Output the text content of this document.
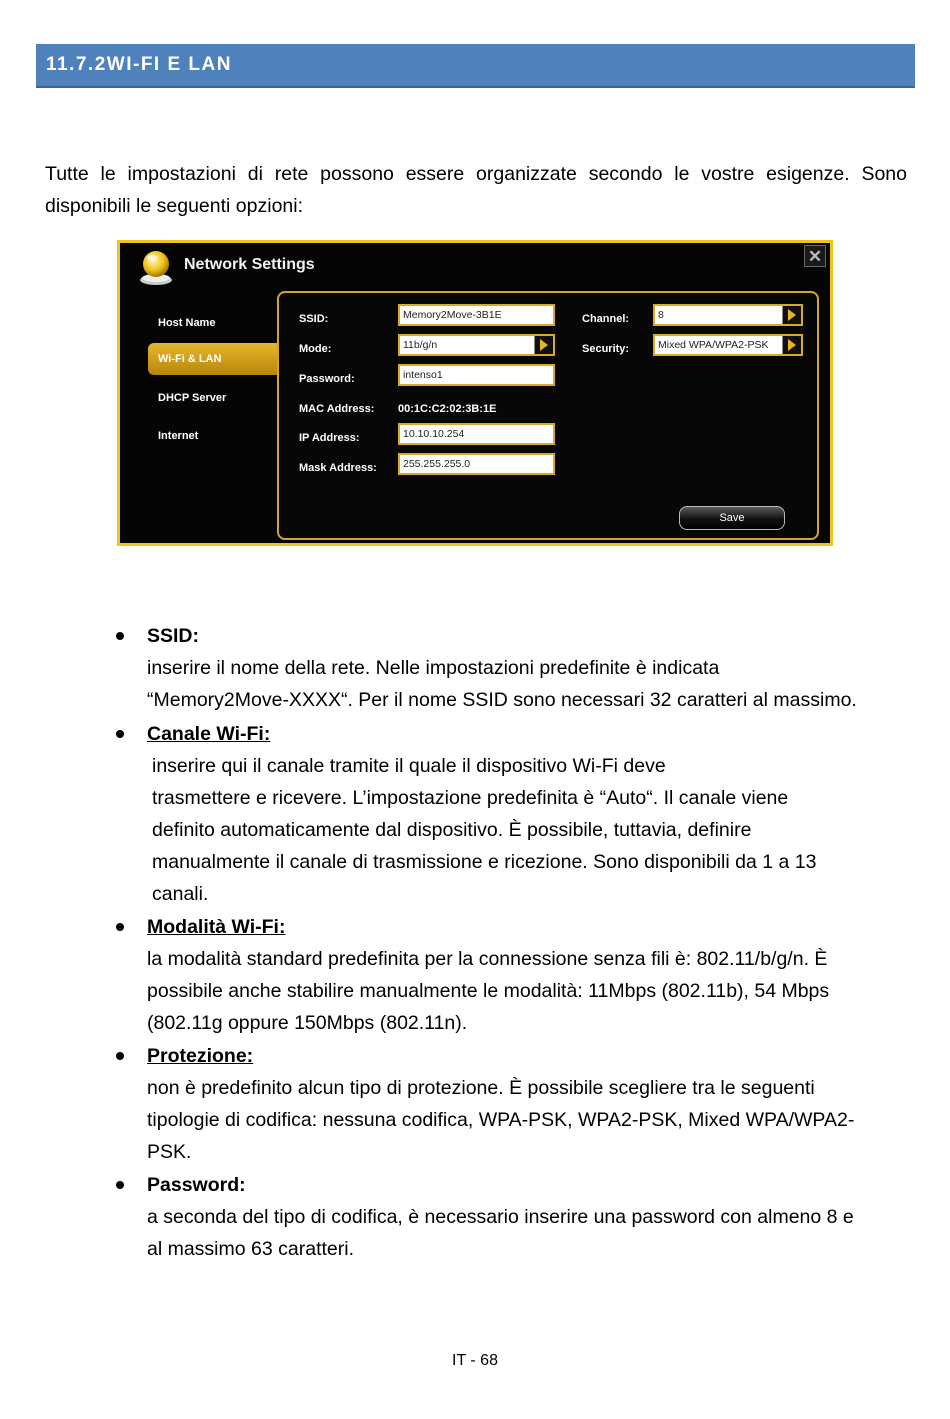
11.7.2WI-FI E LAN

Tutte le impostazioni di rete possono essere organizzate secondo le vostre esigenze. Sono

disponibili le seguenti opzioni:

Network Settings	✕
Host Name
Wi-Fi & LAN
DHCP Server
Internet
SSID:	Memory2Move-3B1E
Mode:	11b/g/n
Password:	intenso1
MAC Address: 00:1C:C2:02:3B:1E
IP Address:	10.10.10.254
Mask Address:	255.255.255.0
Channel:	8
Security:	Mixed WPA/WPA2-PSK
Save
SSID:
inserire il nome della rete. Nelle impostazioni predefinite è indicata
“Memory2Move-XXXX“. Per il nome SSID sono necessari 32 caratteri al massimo.
Canale Wi-Fi:
inserire qui il canale tramite il quale il dispositivo Wi-Fi deve
trasmettere e ricevere. L’impostazione predefinita è “Auto“. Il canale viene
definito automaticamente dal dispositivo. È possibile, tuttavia, definire
manualmente il canale di trasmissione e ricezione. Sono disponibili da 1 a 13
canali.
Modalità Wi-Fi:
la modalità standard predefinita per la connessione senza fili è: 802.11/b/g/n. È
possibile anche stabilire manualmente le modalità: 11Mbps (802.11b), 54 Mbps
(802.11g oppure 150Mbps (802.11n).
Protezione:
non è predefinito alcun tipo di protezione. È possibile scegliere tra le seguenti
tipologie di codifica: nessuna codifica, WPA-PSK, WPA2-PSK, Mixed WPA/WPA2-
PSK.
Password:
a seconda del tipo di codifica, è necessario inserire una password con almeno 8 e
al massimo 63 caratteri.
IT - 68
